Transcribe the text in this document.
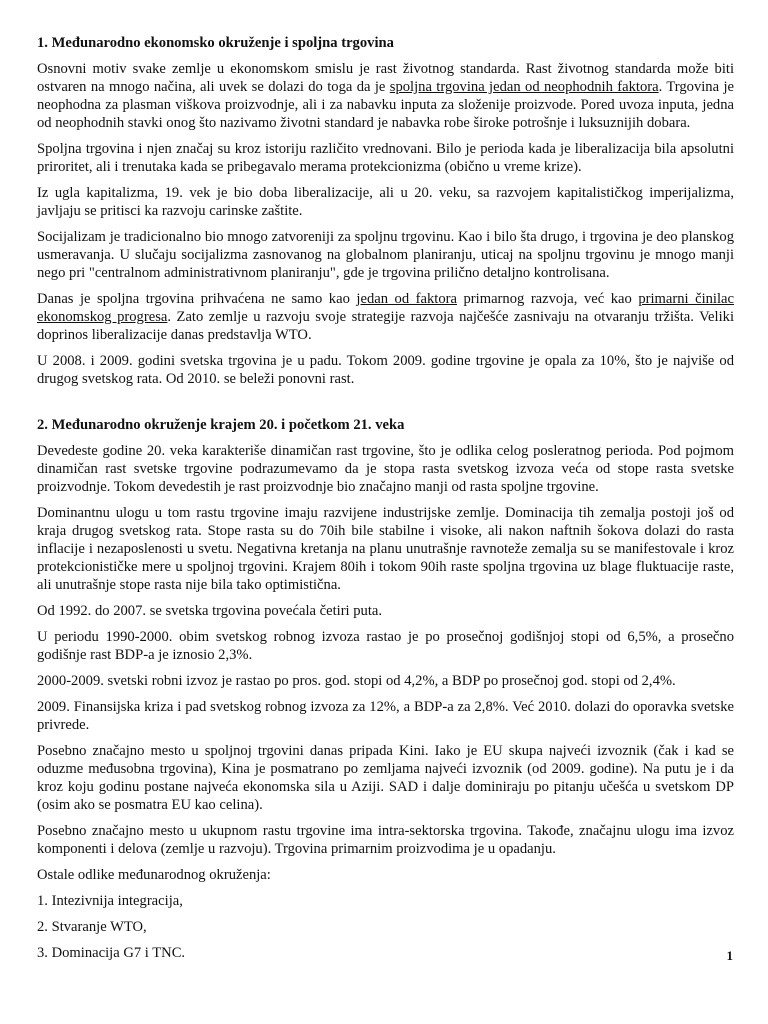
1. Međunarodno ekonomsko okruženje i spoljna trgovina

Osnovni motiv svake zemlje u ekonomskom smislu je rast životnog standarda. Rast životnog standarda može biti ostvaren na mnogo načina, ali uvek se dolazi do toga da je spoljna trgovina jedan od neophodnih faktora. Trgovina je neophodna za plasman viškova proizvodnje, ali i za nabavku inputa za složenije proizvode. Pored uvoza inputa, jedna od neophodnih stavki onog što nazivamo životni standard je nabavka robe široke potrošnje i luksuznijih dobara.

Spoljna trgovina i njen značaj su kroz istoriju različito vrednovani. Bilo je perioda kada je liberalizacija bila apsolutni priroritet, ali i trenutaka kada se pribegavalo merama protekcionizma (obično u vreme krize).

Iz ugla kapitalizma, 19. vek je bio doba liberalizacije, ali u 20. veku, sa razvojem kapitalističkog imperijalizma, javljaju se pritisci ka razvoju carinske zaštite.

Socijalizam je tradicionalno bio mnogo zatvoreniji za spoljnu trgovinu. Kao i bilo šta drugo, i trgovina je deo planskog usmeravanja. U slučaju socijalizma zasnovanog na globalnom planiranju, uticaj na spoljnu trgovinu je mnogo manji nego pri "centralnom administrativnom planiranju", gde je trgovina prilično detaljno kontrolisana.

Danas je spoljna trgovina prihvaćena ne samo kao jedan od faktora primarnog razvoja, već kao primarni činilac ekonomskog progresa. Zato zemlje u razvoju svoje strategije razvoja najčešće zasnivaju na otvaranju tržišta. Veliki doprinos liberalizacije danas predstavlja WTO.

U 2008. i 2009. godini svetska trgovina je u padu. Tokom 2009. godine trgovine je opala za 10%, što je najviše od drugog svetskog rata. Od 2010. se beleži ponovni rast.

2. Međunarodno okruženje krajem 20. i početkom 21. veka

Devedeste godine 20. veka karakteriše dinamičan rast trgovine, što je odlika celog posleratnog perioda. Pod pojmom dinamičan rast svetske trgovine podrazumevamo da je stopa rasta svetskog izvoza veća od stope rasta svetske proizvodnje. Tokom devedestih je rast proizvodnje bio značajno manji od rasta spoljne trgovine.

Dominantnu ulogu u tom rastu trgovine imaju razvijene industrijske zemlje. Dominacija tih zemalja postoji još od kraja drugog svetskog rata. Stope rasta su do 70ih bile stabilne i visoke, ali nakon naftnih šokova dolazi do rasta inflacije i nezaposlenosti u svetu. Negativna kretanja na planu unutrašnje ravnoteže zemalja su se manifestovale i kroz protekcionističke mere u spoljnoj trgovini. Krajem 80ih i tokom 90ih raste spoljna trgovina uz blage fluktuacije raste, ali unutrašnje stope rasta nije bila tako optimistična.

Od 1992. do 2007. se svetska trgovina povećala četiri puta.

U periodu 1990-2000. obim svetskog robnog izvoza rastao je po prosečnoj godišnjoj stopi od 6,5%, a prosečno godišnje rast BDP-a je iznosio 2,3%.

2000-2009. svetski robni izvoz je rastao po pros. god. stopi od 4,2%, a BDP po prosečnoj god. stopi od 2,4%.

2009. Finansijska kriza i pad svetskog robnog izvoza za 12%, a BDP-a za 2,8%. Već 2010. dolazi do oporavka svetske privrede.

Posebno značajno mesto u spoljnoj trgovini danas pripada Kini. Iako je EU skupa najveći izvoznik (čak i kad se oduzme međusobna trgovina), Kina je posmatrano po zemljama najveći izvoznik (od 2009. godine). Na putu je i da kroz koju godinu postane najveća ekonomska sila u Aziji. SAD i dalje dominiraju po pitanju učešća u svetskom DP (osim ako se posmatra EU kao celina).

Posebno značajno mesto u ukupnom rastu trgovine ima intra-sektorska trgovina. Takođe, značajnu ulogu ima izvoz komponenti i delova (zemlje u razvoju). Trgovina primarnim proizvodima je u opadanju.

Ostale odlike međunarodnog okruženja:

1. Intezivnija integracija,

2. Stvaranje WTO,

3. Dominacija G7 i TNC.	1
